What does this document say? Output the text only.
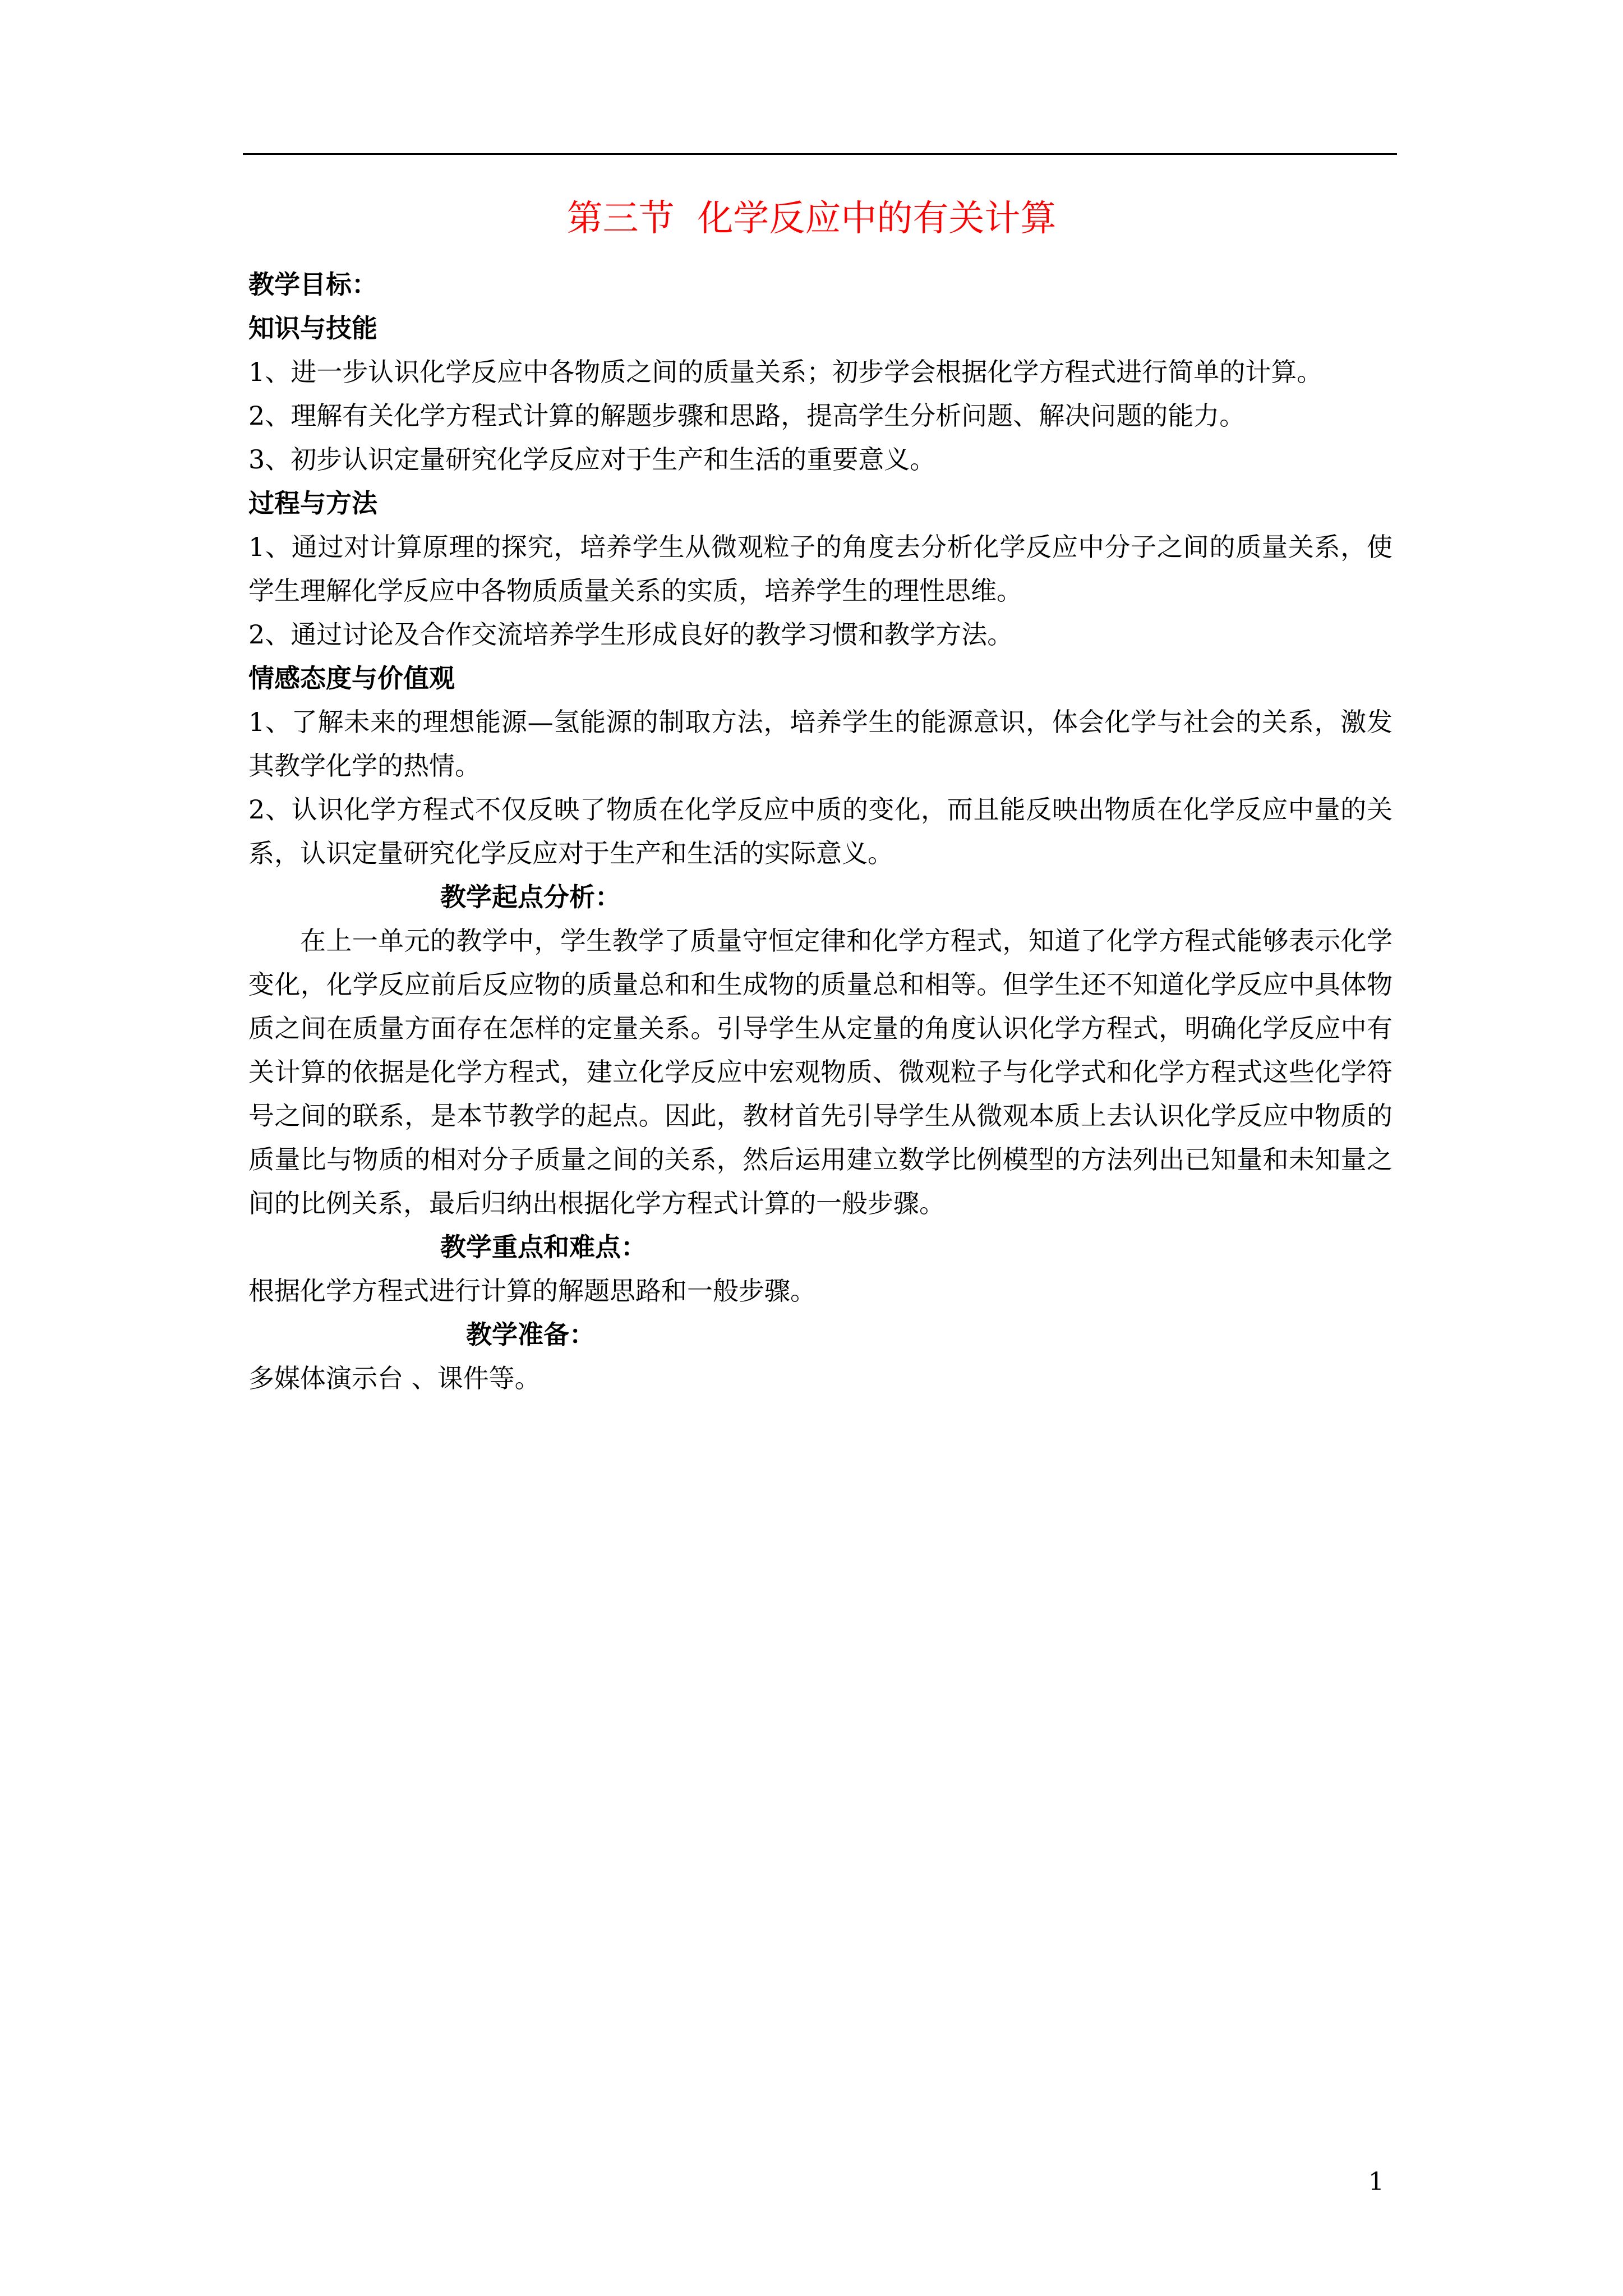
第三节  化学反应中的有关计算

教学目标：

知识与技能

1、进一步认识化学反应中各物质之间的质量关系；初步学会根据化学方程式进行简单的计算。

2、理解有关化学方程式计算的解题步骤和思路，提高学生分析问题、解决问题的能力。

3、初步认识定量研究化学反应对于生产和生活的重要意义。

过程与方法

1、通过对计算原理的探究，培养学生从微观粒子的角度去分析化学反应中分子之间的质量关系，使学生理解化学反应中各物质质量关系的实质，培养学生的理性思维。

2、通过讨论及合作交流培养学生形成良好的教学习惯和教学方法。

情感态度与价值观

1、了解未来的理想能源—氢能源的制取方法，培养学生的能源意识，体会化学与社会的关系，激发其教学化学的热情。

2、认识化学方程式不仅反映了物质在化学反应中质的变化，而且能反映出物质在化学反应中量的关系，认识定量研究化学反应对于生产和生活的实际意义。

教学起点分析：

在上一单元的教学中，学生教学了质量守恒定律和化学方程式，知道了化学方程式能够表示化学变化，化学反应前后反应物的质量总和和生成物的质量总和相等。但学生还不知道化学反应中具体物质之间在质量方面存在怎样的定量关系。引导学生从定量的角度认识化学方程式，明确化学反应中有关计算的依据是化学方程式，建立化学反应中宏观物质、微观粒子与化学式和化学方程式这些化学符号之间的联系，是本节教学的起点。因此，教材首先引导学生从微观本质上去认识化学反应中物质的质量比与物质的相对分子质量之间的关系，然后运用建立数学比例模型的方法列出已知量和未知量之间的比例关系，最后归纳出根据化学方程式计算的一般步骤。

教学重点和难点：

根据化学方程式进行计算的解题思路和一般步骤。

教学准备：

多媒体演示台 、课件等。

1
